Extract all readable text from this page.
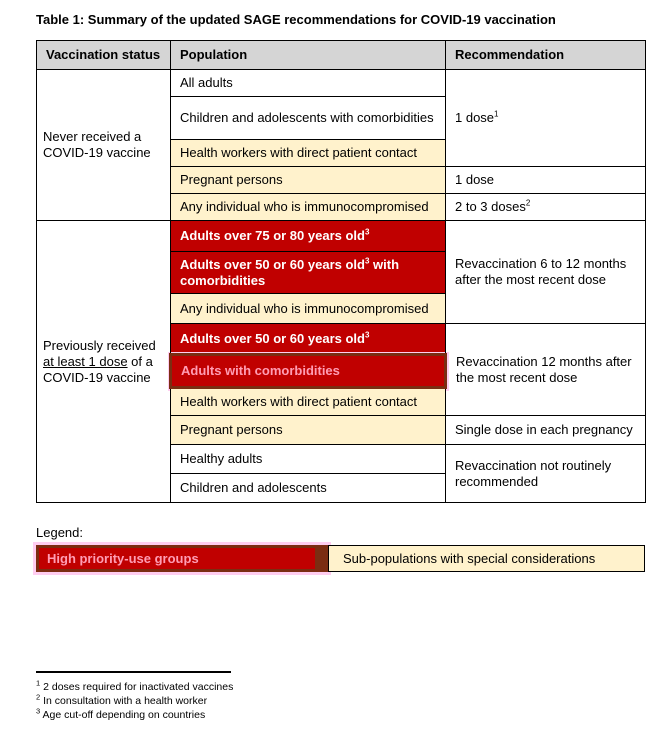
Table 1: Summary of the updated SAGE recommendations for COVID-19 vaccination
Vaccination status	Population	Recommendation
Never received a COVID-19 vaccine	All adults	1 dose$^1$
	Children and adolescents with comorbidities	
	Health workers with direct patient contact	
	Pregnant persons	1 dose
	Any individual who is immunocompromised	2 to 3 doses$^2$
Previously received at least 1 dose of a COVID-19 vaccine	Adults over 75 or 80 years old$^3$	Revaccination 6 to 12 months after the most recent dose
	Adults over 50 or 60 years old$^3$ with comorbidities	
	Any individual who is immunocompromised	
	Adults over 50 or 60 years old$^3$	Revaccination 12 months after the most recent dose
	Adults with comorbidities	
	Health workers with direct patient contact	
	Pregnant persons	Single dose in each pregnancy
	Healthy adults	Revaccination not routinely recommended
	Children and adolescents	
Legend:
High priority-use groups	Sub-populations with special considerations
$^1$ 2 doses required for inactivated vaccines
$^2$ In consultation with a health worker
$^3$ Age cut-off depending on countries
